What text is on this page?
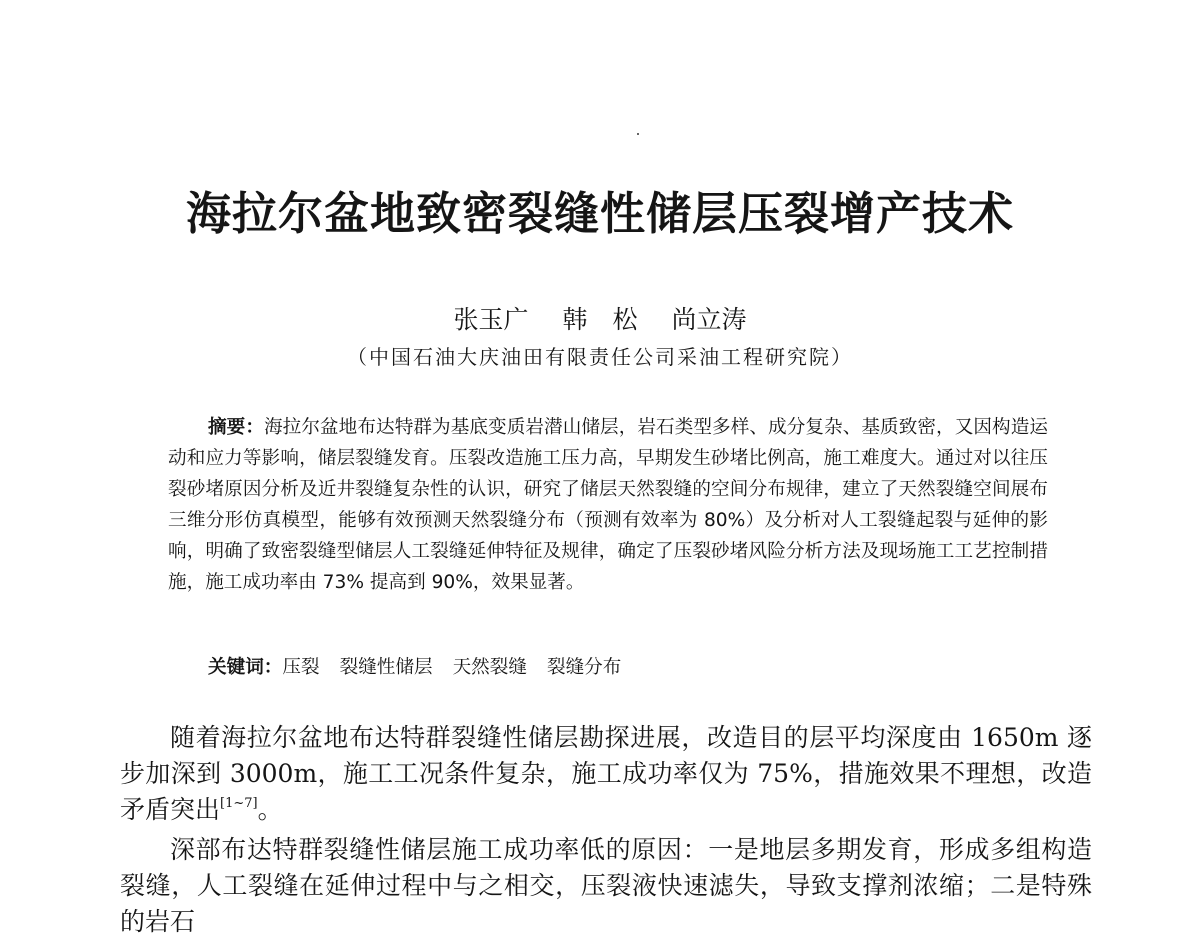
海拉尔盆地致密裂缝性储层压裂增产技术
张玉广 韩　松 尚立涛
（中国石油大庆油田有限责任公司采油工程研究院）

摘要：海拉尔盆地布达特群为基底变质岩潜山储层，岩石类型多样、成分复杂、基质致密，又因构造运动和应力等影响，储层裂缝发育。压裂改造施工压力高，早期发生砂堵比例高，施工难度大。通过对以往压裂砂堵原因分析及近井裂缝复杂性的认识，研究了储层天然裂缝的空间分布规律，建立了天然裂缝空间展布三维分形仿真模型，能够有效预测天然裂缝分布（预测有效率为 80%）及分析对人工裂缝起裂与延伸的影响，明确了致密裂缝型储层人工裂缝延伸特征及规律，确定了压裂砂堵风险分析方法及现场施工工艺控制措施，施工成功率由 73% 提高到 90%，效果显著。

关键词：压裂 裂缝性储层 天然裂缝 裂缝分布

随着海拉尔盆地布达特群裂缝性储层勘探进展，改造目的层平均深度由 1650m 逐步加深到 3000m，施工工况条件复杂，施工成功率仅为 75%，措施效果不理想，改造矛盾突出[1~7]。

深部布达特群裂缝性储层施工成功率低的原因：一是地层多期发育，形成多组构造裂缝，人工裂缝在延伸过程中与之相交，压裂液快速滤失，导致支撑剂浓缩；二是特殊的岩石
